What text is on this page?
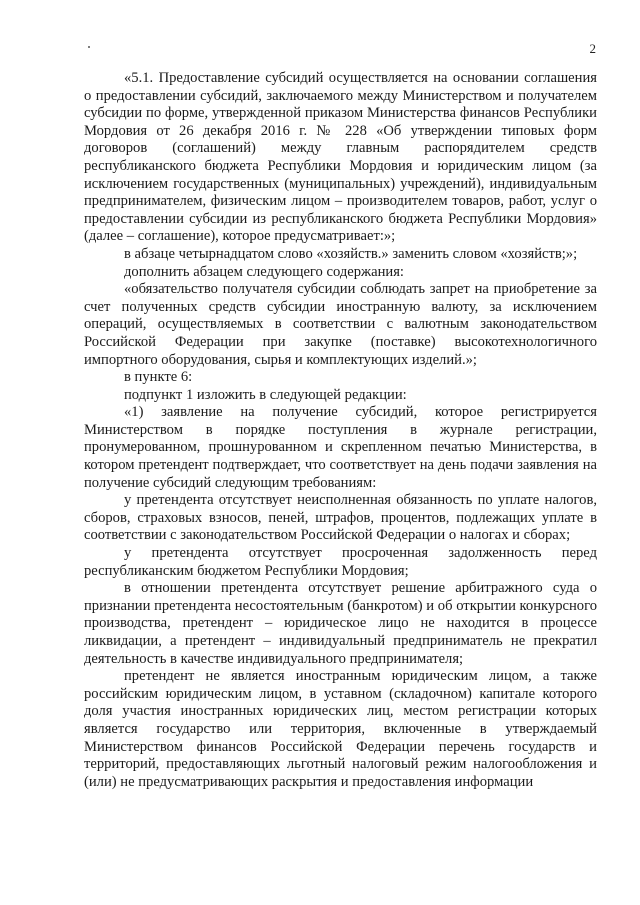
2

«5.1. Предоставление субсидий осуществляется на основании соглашения о предоставлении субсидий, заключаемого между Министерством и получателем субсидии по форме, утвержденной приказом Министерства финансов Республики Мордовия от 26 декабря 2016 г. № 228 «Об утверждении типовых форм договоров (соглашений) между главным распорядителем средств республиканского бюджета Республики Мордовия и юридическим лицом (за исключением государственных (муниципальных) учреждений), индивидуальным предпринимателем, физическим лицом – производителем товаров, работ, услуг о предоставлении субсидии из республиканского бюджета Республики Мордовия» (далее – соглашение), которое предусматривает:»;

в абзаце четырнадцатом слово «хозяйств.» заменить словом «хозяйств;»;

дополнить абзацем следующего содержания:

«обязательство получателя субсидии соблюдать запрет на приобретение за счет полученных средств субсидии иностранную валюту, за исключением операций, осуществляемых в соответствии с валютным законодательством Российской Федерации при закупке (поставке) высокотехнологичного импортного оборудования, сырья и комплектующих изделий.»;

в пункте 6:

подпункт 1 изложить в следующей редакции:

«1) заявление на получение субсидий, которое регистрируется Министерством в порядке поступления в журнале регистрации, пронумерованном, прошнурованном и скрепленном печатью Министерства, в котором претендент подтверждает, что соответствует на день подачи заявления на получение субсидий следующим требованиям:

у претендента отсутствует неисполненная обязанность по уплате налогов, сборов, страховых взносов, пеней, штрафов, процентов, подлежащих уплате в соответствии с законодательством Российской Федерации о налогах и сборах;

у претендента отсутствует просроченная задолженность перед республиканским бюджетом Республики Мордовия;

в отношении претендента отсутствует решение арбитражного суда о признании претендента несостоятельным (банкротом) и об открытии конкурсного производства, претендент – юридическое лицо не находится в процессе ликвидации, а претендент – индивидуальный предприниматель не прекратил деятельность в качестве индивидуального предпринимателя;

претендент не является иностранным юридическим лицом, а также российским юридическим лицом, в уставном (складочном) капитале которого доля участия иностранных юридических лиц, местом регистрации которых является государство или территория, включенные в утверждаемый Министерством финансов Российской Федерации перечень государств и территорий, предоставляющих льготный налоговый режим налогообложения и (или) не предусматривающих раскрытия и предоставления информации
